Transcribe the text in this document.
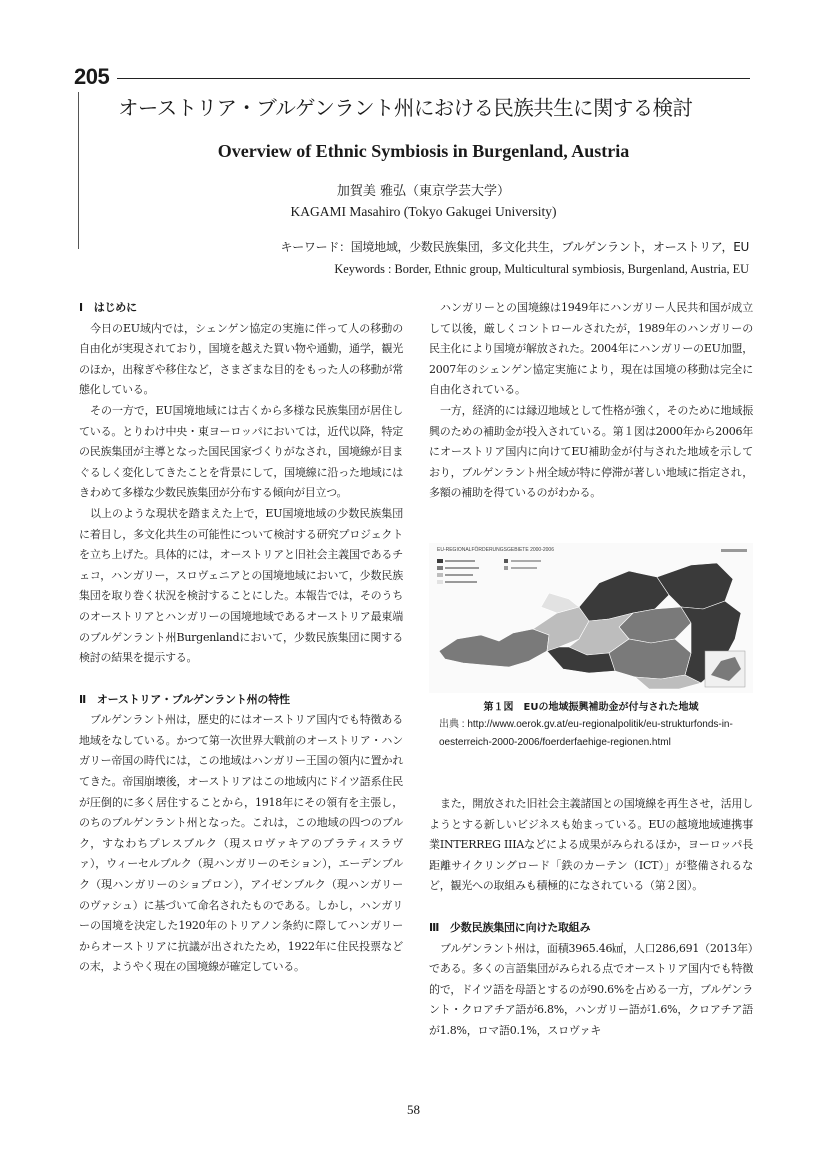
205
オーストリア・ブルゲンラント州における民族共生に関する検討
Overview of Ethnic Symbiosis in Burgenland, Austria
加賀美 雅弘（東京学芸大学）
KAGAMI Masahiro (Tokyo Gakugei University)
キーワード：国境地域，少数民族集団，多文化共生，ブルゲンラント，オーストリア，EU
Keywords : Border, Ethnic group, Multicultural symbiosis, Burgenland, Austria, EU
Ⅰ　はじめに

今日のEU域内では，シェンゲン協定の実施に伴って人の移動の自由化が実現されており，国境を越えた買い物や通勤，通学，観光のほか，出稼ぎや移住など，さまざまな目的をもった人の移動が常態化している。

その一方で，EU国境地域には古くから多様な民族集団が居住している。とりわけ中央・東ヨーロッパにおいては，近代以降，特定の民族集団が主導となった国民国家づくりがなされ，国境線が目まぐるしく変化してきたことを背景にして，国境線に沿った地域にはきわめて多様な少数民族集団が分布する傾向が目立つ。

以上のような現状を踏まえた上で，EU国境地域の少数民族集団に着目し，多文化共生の可能性について検討する研究プロジェクトを立ち上げた。具体的には，オーストリアと旧社会主義国であるチェコ，ハンガリー，スロヴェニアとの国境地域において，少数民族集団を取り巻く状況を検討することにした。本報告では，そのうちのオーストリアとハンガリーの国境地域であるオーストリア最東端のブルゲンラント州Burgenlandにおいて，少数民族集団に関する検討の結果を提示する。

Ⅱ　オーストリア・ブルゲンラント州の特性

ブルゲンラント州は，歴史的にはオーストリア国内でも特徴ある地域をなしている。かつて第一次世界大戦前のオーストリア・ハンガリー帝国の時代には，この地域はハンガリー王国の領内に置かれてきた。帝国崩壊後，オーストリアはこの地域内にドイツ語系住民が圧倒的に多く居住することから，1918年にその領有を主張し，のちのブルゲンラント州となった。これは，この地域の四つのブルク，すなわちプレスブルク（現スロヴァキアのブラティスラヴァ），ウィーセルブルク（現ハンガリーのモション），エーデンブルク（現ハンガリーのショプロン），アイゼンブルク（現ハンガリーのヴァシュ）に基づいて命名されたものである。しかし，ハンガリーの国境を決定した1920年のトリアノン条約に際してハンガリーからオーストリアに抗議が出されたため，1922年に住民投票などの末，ようやく現在の国境線が確定している。

ハンガリーとの国境線は1949年にハンガリー人民共和国が成立して以後，厳しくコントロールされたが，1989年のハンガリーの民主化により国境が解放された。2004年にハンガリーのEU加盟，2007年のシェンゲン協定実施により，現在は国境の移動は完全に自由化されている。

一方，経済的には縁辺地域として性格が強く，そのために地域振興のための補助金が投入されている。第１図は2000年から2006年にオーストリア国内に向けてEU補助金が付与された地域を示しており，ブルゲンラント州全域が特に停滞が著しい地域に指定され，多額の補助を得ているのがわかる。

EU-REGIONALFÖRDERUNGSGEBIETE 2000-2006
第１図　EUの地域振興補助金が付与された地域
出典 : http://www.oerok.gv.at/eu-regionalpolitik/eu-strukturfonds-in-oesterreich-2000-2006/foerderfaehige-regionen.html

また，開放された旧社会主義諸国との国境線を再生させ，活用しようとする新しいビジネスも始まっている。EUの越境地域連携事業INTERREG IIIAなどによる成果がみられるほか，ヨーロッパ長距離サイクリングロード「鉄のカーテン（ICT）」が整備されるなど，観光への取組みも積極的になされている（第２図）。

Ⅲ　少数民族集団に向けた取組み

ブルゲンラント州は，面積3965.46㎢，人口286,691（2013年）である。多くの言語集団がみられる点でオーストリア国内でも特徴的で，ドイツ語を母語とするのが90.6%を占める一方，ブルゲンラント・クロアチア語が6.8%，ハンガリー語が1.6%，クロアチア語が1.8%，ロマ語0.1%，スロヴァキ

58
